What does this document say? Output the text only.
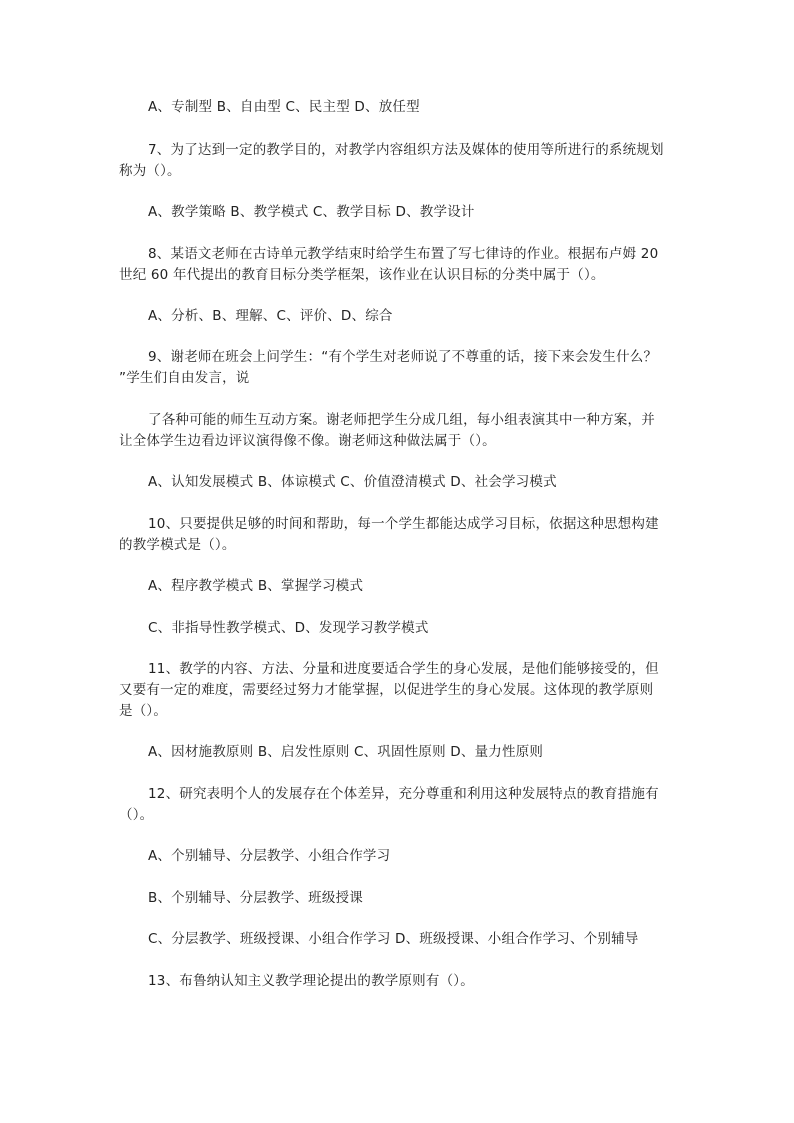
A、专制型 B、自由型 C、民主型 D、放任型
7、为了达到一定的教学目的，对教学内容组织方法及媒体的使用等所进行的系统规划
称为（）。
A、教学策略 B、教学模式 C、教学目标 D、教学设计
8、某语文老师在古诗单元教学结束时给学生布置了写七律诗的作业。根据布卢姆 20
世纪 60 年代提出的教育目标分类学框架，该作业在认识目标的分类中属于（）。
A、分析、B、理解、C、评价、D、综合
9、谢老师在班会上问学生：“有个学生对老师说了不尊重的话，接下来会发生什么？
”学生们自由发言，说
了各种可能的师生互动方案。谢老师把学生分成几组，每小组表演其中一种方案，并
让全体学生边看边评议演得像不像。谢老师这种做法属于（）。
A、认知发展模式 B、体谅模式 C、价值澄清模式 D、社会学习模式
10、只要提供足够的时间和帮助，每一个学生都能达成学习目标，依据这种思想构建
的教学模式是（）。
A、程序教学模式 B、掌握学习模式
C、非指导性教学模式、D、发现学习教学模式
11、教学的内容、方法、分量和进度要适合学生的身心发展，是他们能够接受的，但
又要有一定的难度，需要经过努力才能掌握，以促进学生的身心发展。这体现的教学原则
是（）。
A、因材施教原则 B、启发性原则 C、巩固性原则 D、量力性原则
12、研究表明个人的发展存在个体差异，充分尊重和利用这种发展特点的教育措施有
（）。
A、个别辅导、分层教学、小组合作学习
B、个别辅导、分层教学、班级授课
C、分层教学、班级授课、小组合作学习 D、班级授课、小组合作学习、个别辅导
13、布鲁纳认知主义教学理论提出的教学原则有（）。
